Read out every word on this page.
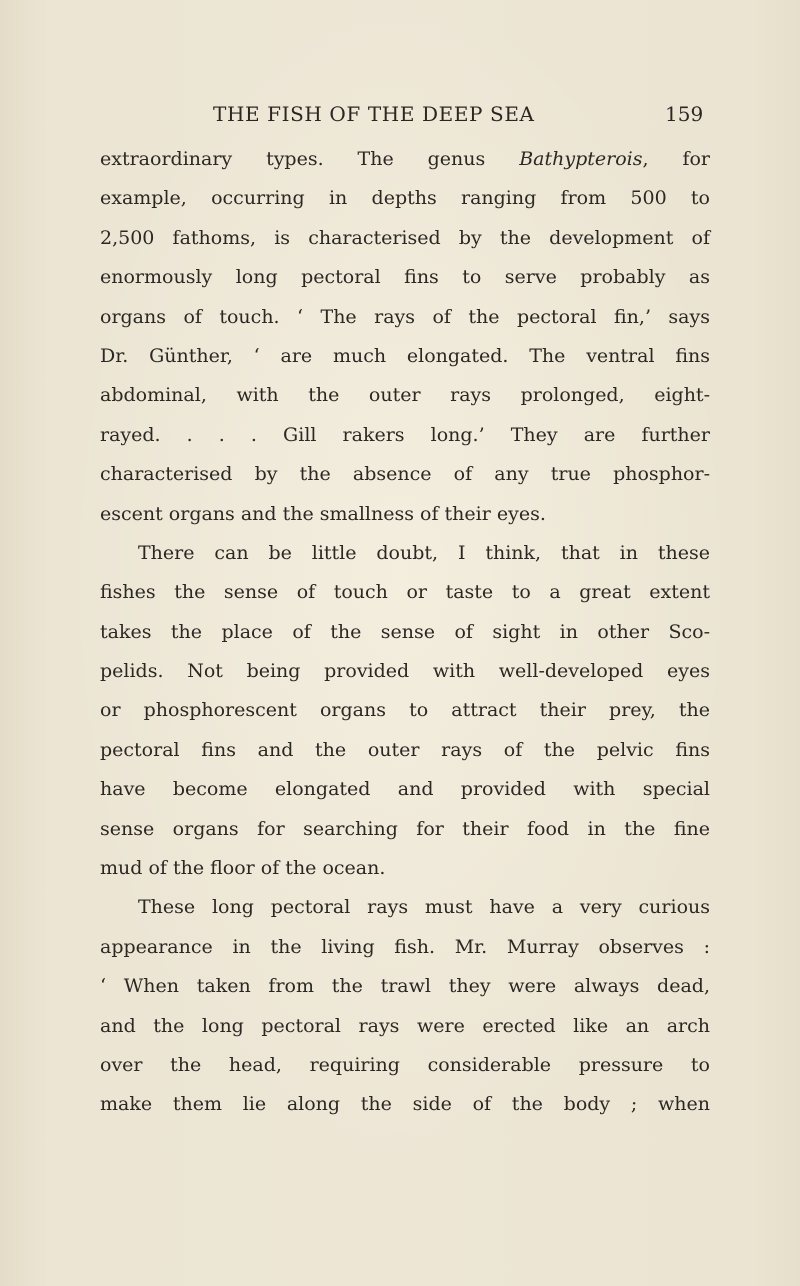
THE FISH OF THE DEEP SEA	159
extraordinary types. The genus Bathypterois, for
example, occurring in depths ranging from 500 to
2,500 fathoms, is characterised by the development of
enormously long pectoral fins to serve probably as
organs of touch. ‘ The rays of the pectoral fin,’ says
Dr. Günther, ‘ are much elongated. The ventral fins
abdominal, with the outer rays prolonged, eight-
rayed. . . . Gill rakers long.’ They are further
characterised by the absence of any true phosphor-
escent organs and the smallness of their eyes.
There can be little doubt, I think, that in these
fishes the sense of touch or taste to a great extent
takes the place of the sense of sight in other Sco-
pelids. Not being provided with well-developed eyes
or phosphorescent organs to attract their prey, the
pectoral fins and the outer rays of the pelvic fins
have become elongated and provided with special
sense organs for searching for their food in the fine
mud of the floor of the ocean.
These long pectoral rays must have a very curious
appearance in the living fish. Mr. Murray observes :
‘ When taken from the trawl they were always dead,
and the long pectoral rays were erected like an arch
over the head, requiring considerable pressure to
make them lie along the side of the body ; when
